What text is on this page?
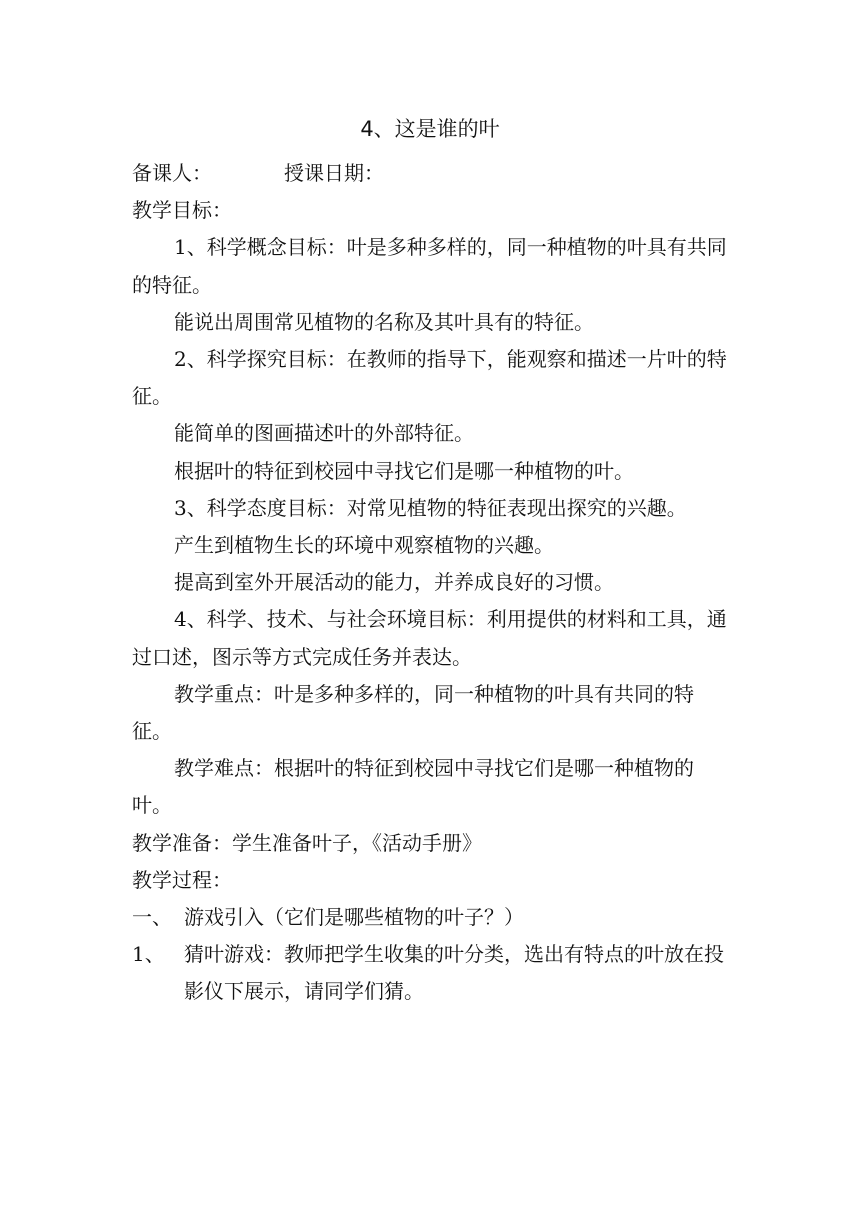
4、这是谁的叶

备课人：	授课日期：

教学目标：

1、科学概念目标：叶是多种多样的，同一种植物的叶具有共同的特征。

能说出周围常见植物的名称及其叶具有的特征。

2、科学探究目标：在教师的指导下，能观察和描述一片叶的特征。

能简单的图画描述叶的外部特征。

根据叶的特征到校园中寻找它们是哪一种植物的叶。

3、科学态度目标：对常见植物的特征表现出探究的兴趣。

产生到植物生长的环境中观察植物的兴趣。

提高到室外开展活动的能力，并养成良好的习惯。

4、科学、技术、与社会环境目标：利用提供的材料和工具，通过口述，图示等方式完成任务并表达。

教学重点：叶是多种多样的，同一种植物的叶具有共同的特征。

教学难点：根据叶的特征到校园中寻找它们是哪一种植物的叶。

教学准备：学生准备叶子，《活动手册》

教学过程：

一、 游戏引入（它们是哪些植物的叶子？）
1、 猜叶游戏：教师把学生收集的叶分类，选出有特点的叶放在投影仪下展示，请同学们猜。
